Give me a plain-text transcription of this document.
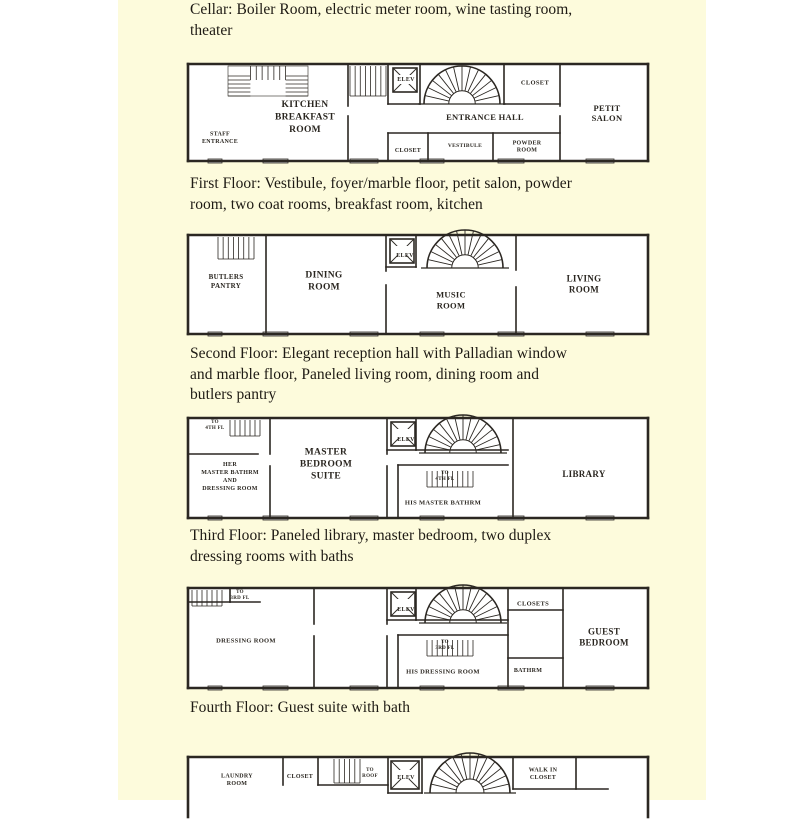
Cellar: Boiler Room, electric meter room, wine tasting room,
theater
KITCHEN BREAKFAST ROOM
STAFF ENTRANCE
ELEV	CLOSET
ENTRANCE HALL
PETIT SALON
CLOSET
VESTIBULE	POWDER ROOM
First Floor: Vestibule, foyer/marble floor, petit salon, powder
room, two coat rooms, breakfast room, kitchen
BUTLERS PANTRY
DINING ROOM
ELEV
MUSIC ROOM
LIVING ROOM
Second Floor: Elegant reception hall with Palladian window
and marble floor, Paneled living room, dining room and
butlers pantry
HER MASTER BATHRM AND DRESSING ROOM
TO 4TH FL
MASTER BEDROOM SUITE
ELEV
TO 4TH FL
HIS MASTER BATHRM
LIBRARY
Third Floor: Paneled library, master bedroom, two duplex
dressing rooms with baths
TO 3RD FL
DRESSING ROOM
ELEV
TO 3RD FL
HIS DRESSING ROOM
CLOSETS
BATHRM
GUEST BEDROOM
Fourth Floor: Guest suite with bath
LAUNDRY ROOM
CLOSET
TO ROOF	ELEV
WALK IN CLOSET
